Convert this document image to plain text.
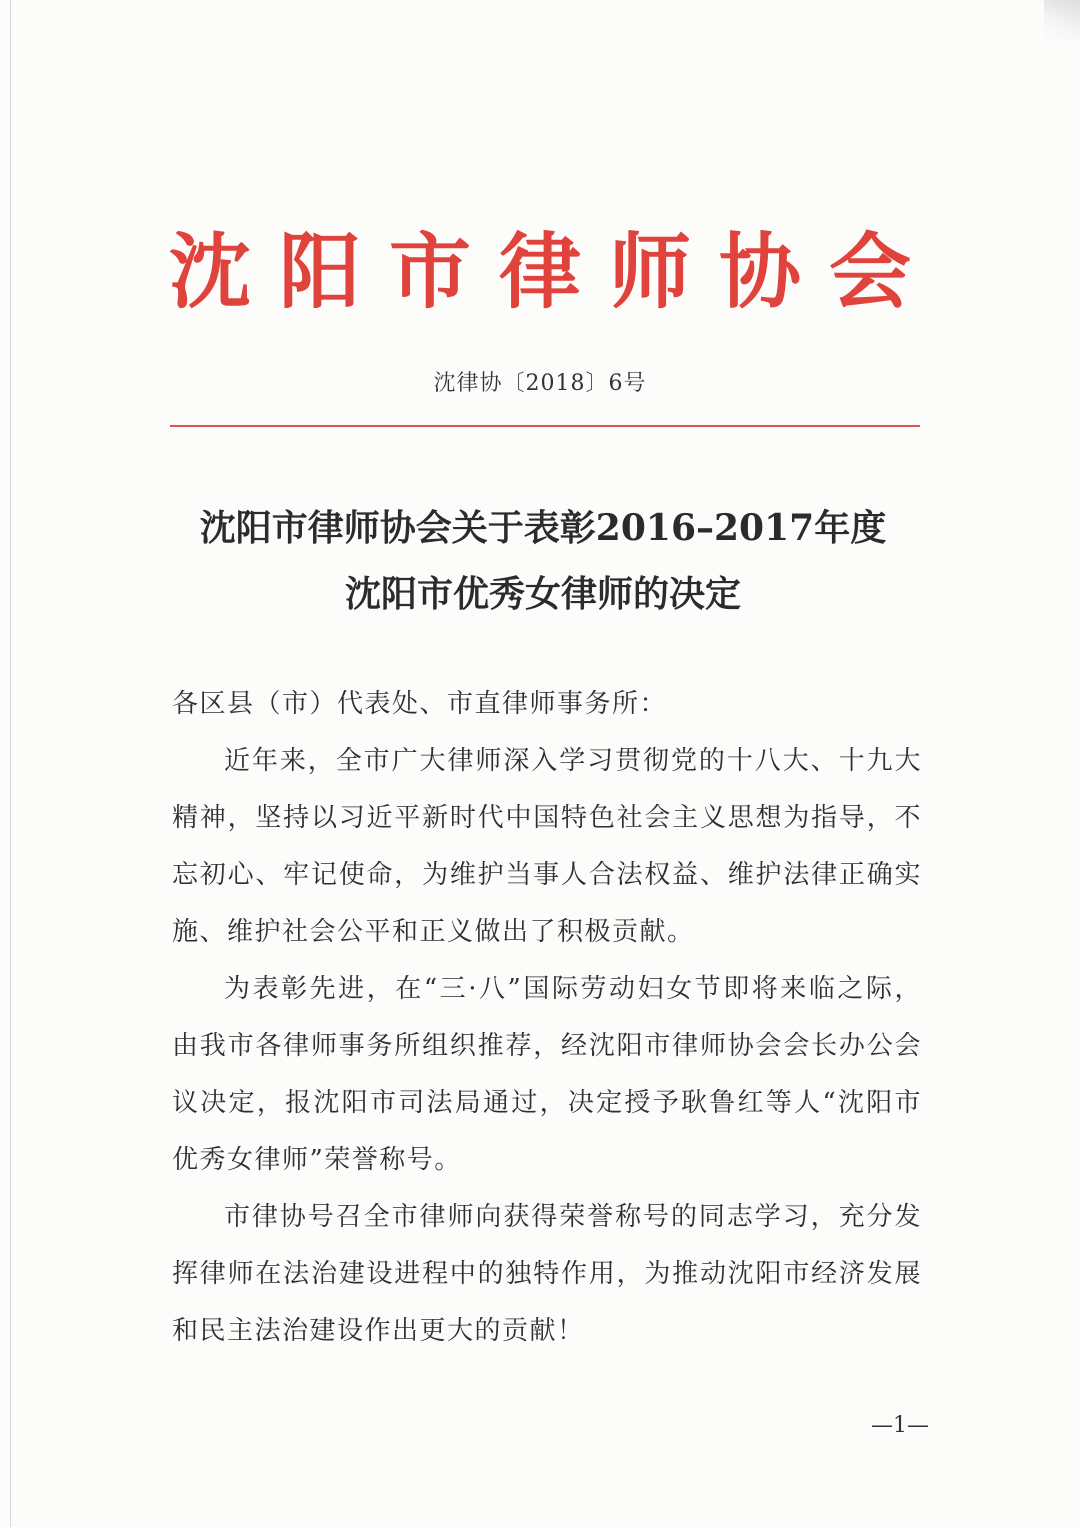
沈阳市律师协会
沈律协〔2018〕6号
沈阳市律师协会关于表彰2016–2017年度
沈阳市优秀女律师的决定

各区县（市）代表处、市直律师事务所：

近年来，全市广大律师深入学习贯彻党的十八大、十九大精神，坚持以习近平新时代中国特色社会主义思想为指导，不忘初心、牢记使命，为维护当事人合法权益、维护法律正确实施、维护社会公平和正义做出了积极贡献。

为表彰先进，在“三·八”国际劳动妇女节即将来临之际，由我市各律师事务所组织推荐，经沈阳市律师协会会长办公会议决定，报沈阳市司法局通过，决定授予耿鲁红等人“沈阳市优秀女律师”荣誉称号。

市律协号召全市律师向获得荣誉称号的同志学习，充分发挥律师在法治建设进程中的独特作用，为推动沈阳市经济发展和民主法治建设作出更大的贡献！

—1—
